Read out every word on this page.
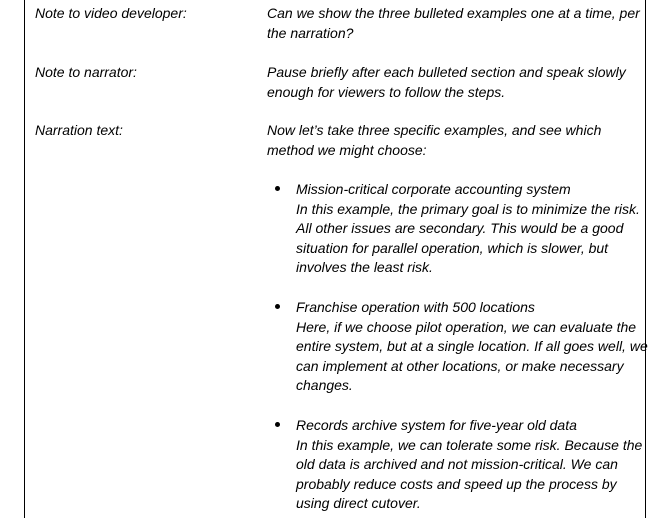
Note to video developer:	Can we show the three bulleted examples one at a time, per the narration?

Note to narrator:	Pause briefly after each bulleted section and speak slowly enough for viewers to follow the steps.

Narration text:	Now let’s take three specific examples, and see which method we might choose:

Mission-critical corporate accounting system
In this example, the primary goal is to minimize the risk. All other issues are secondary. This would be a good situation for parallel operation, which is slower, but involves the least risk.
Franchise operation with 500 locations
Here, if we choose pilot operation, we can evaluate the entire system, but at a single location. If all goes well, we can implement at other locations, or make necessary changes.
Records archive system for five-year old data
In this example, we can tolerate some risk. Because the old data is archived and not mission-critical. We can probably reduce costs and speed up the process by using direct cutover.
